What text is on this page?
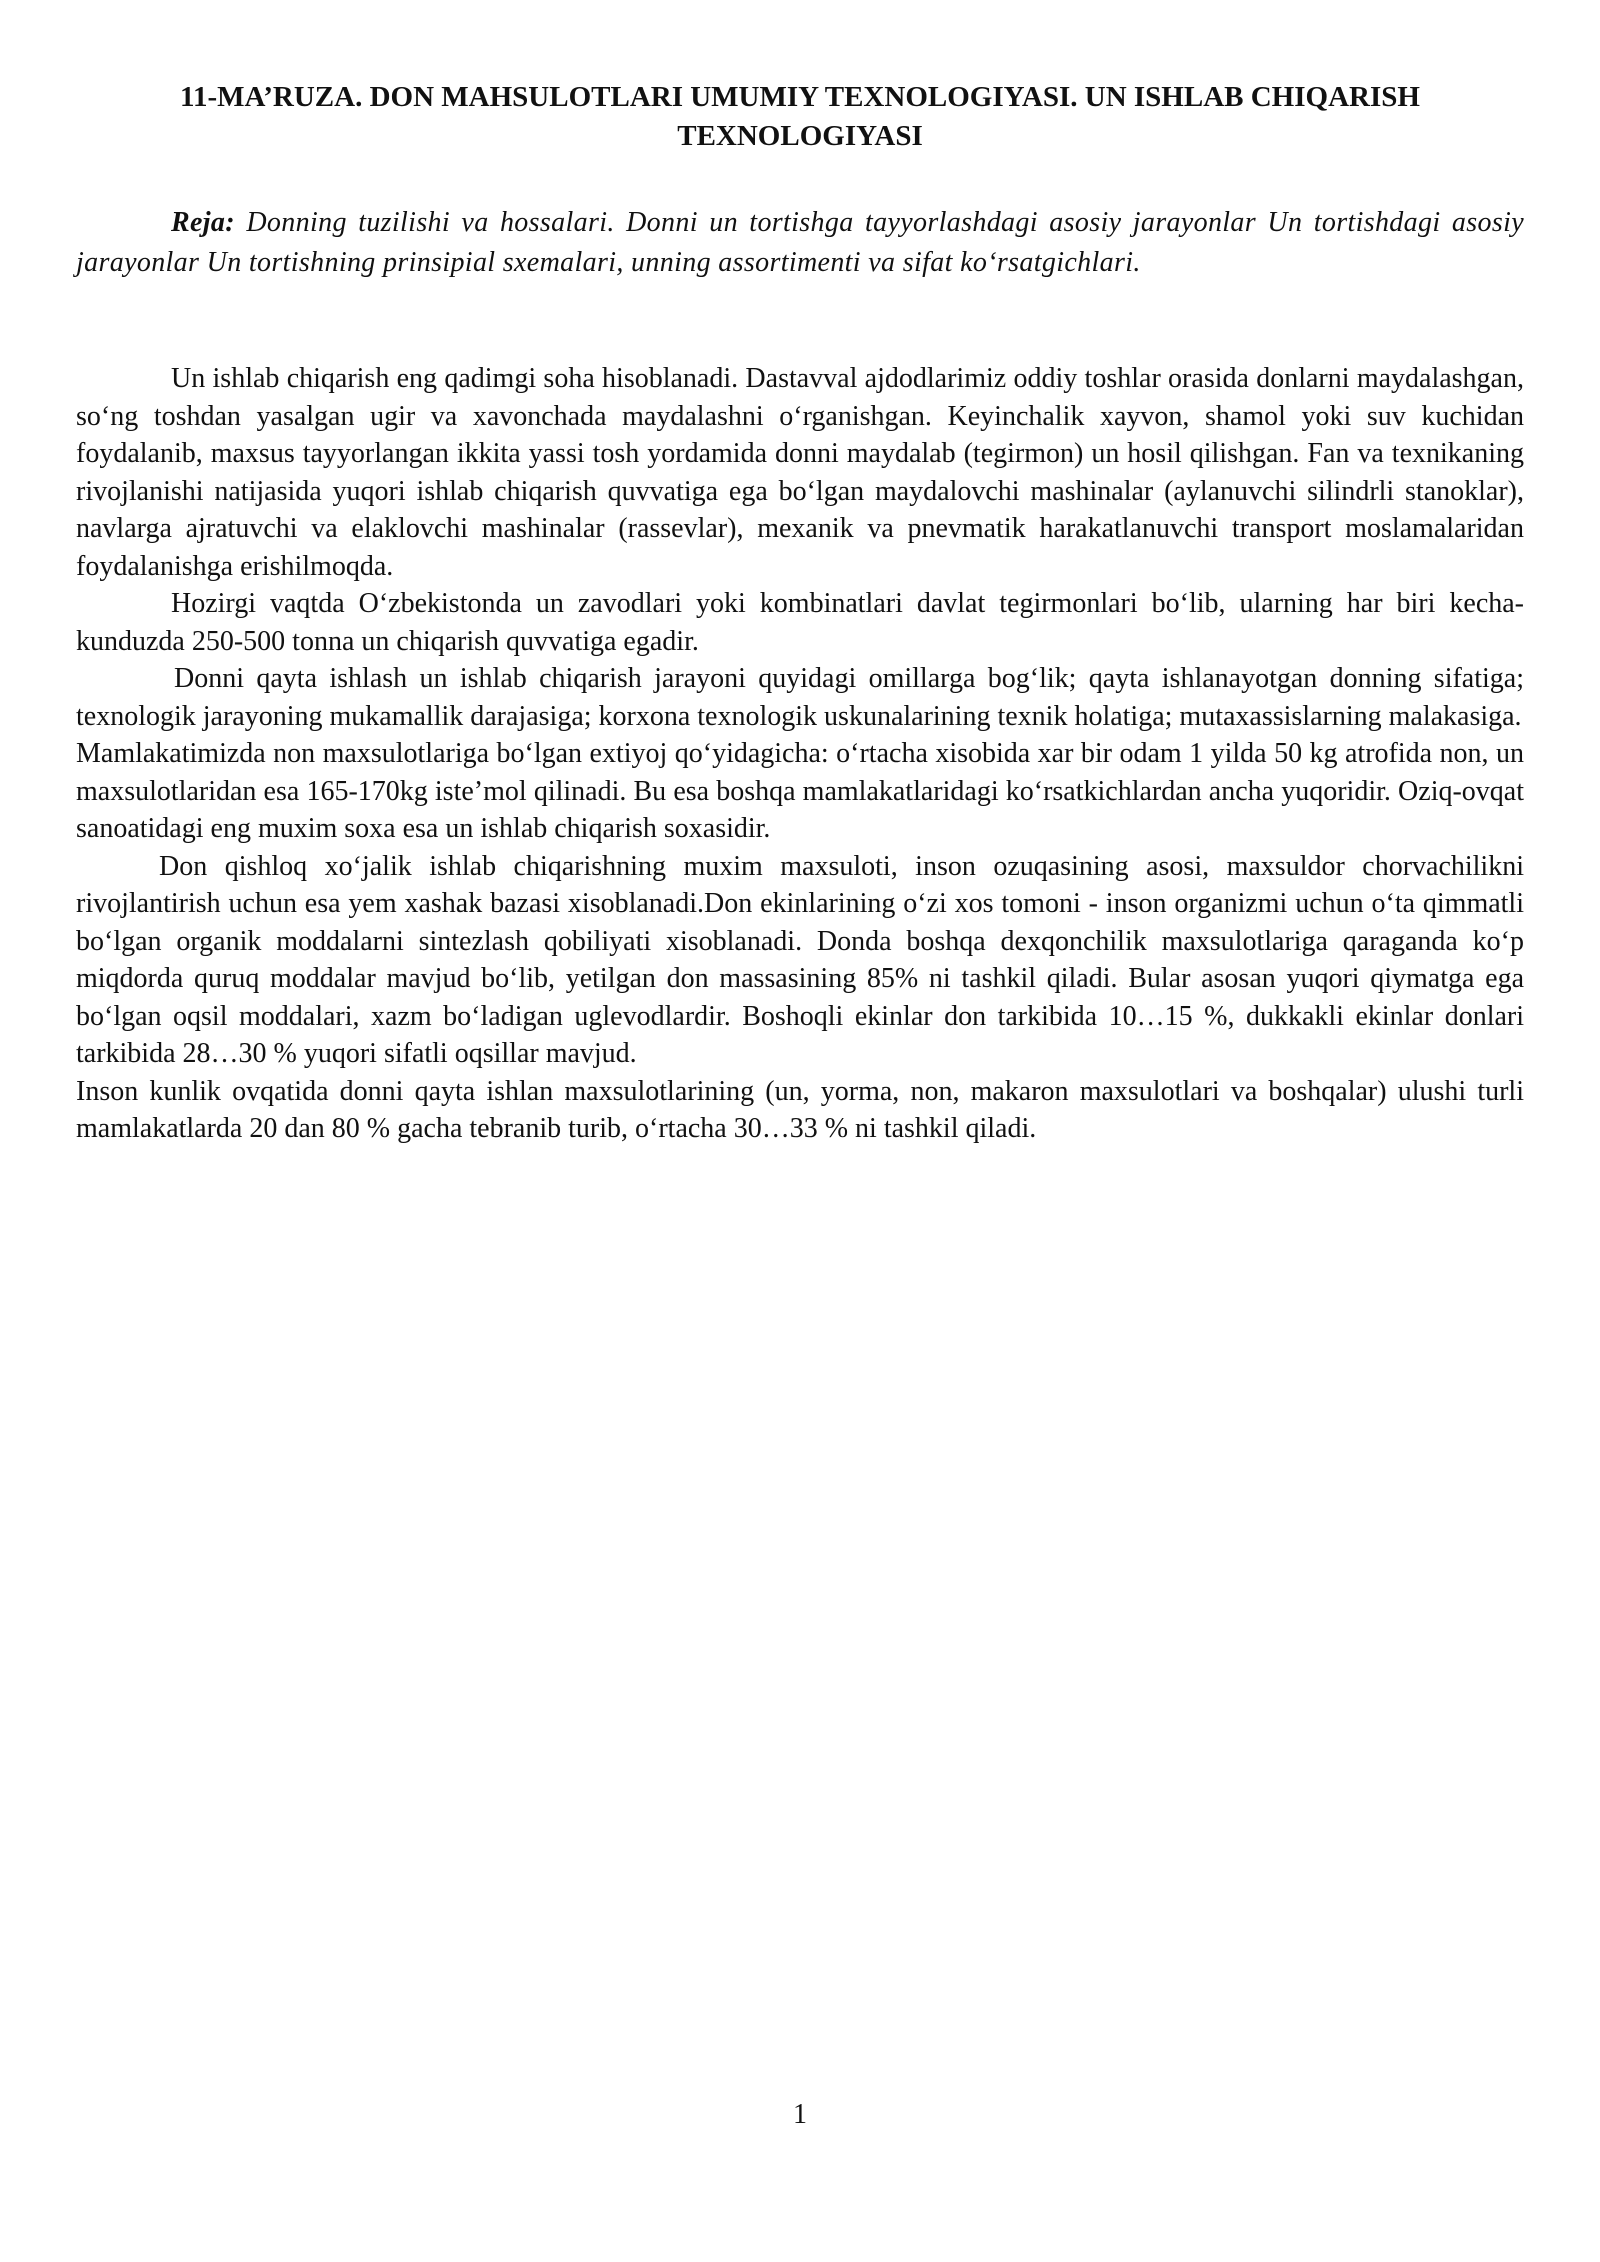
11-MA’RUZA. DON MAHSULOTLARI UMUMIY TEXNOLOGIYASI. UN ISHLAB CHIQARISH TEXNOLOGIYASI

Reja: Donning tuzilishi va hossalari. Donni un tortishga tayyorlashdagi asosiy jarayonlar Un tortishdagi asosiy jarayonlar Un tortishning prinsipial sxemalari, unning assortimenti va sifat ko‘rsatgichlari.

Un ishlab chiqarish eng qadimgi soha hisoblanadi. Dastavval ajdodlarimiz oddiy toshlar orasida donlarni maydalashgan, so‘ng toshdan yasalgan ugir va xavonchada maydalashni o‘rganishgan. Keyinchalik xayvon, shamol yoki suv kuchidan foydalanib, maxsus tayyorlangan ikkita yassi tosh yordamida donni maydalab (tegirmon) un hosil qilishgan. Fan va texnikaning rivojlanishi natijasida yuqori ishlab chiqarish quvvatiga ega bo‘lgan maydalovchi mashinalar (aylanuvchi silindrli stanoklar), navlarga ajratuvchi va elaklovchi mashinalar (rassevlar), mexanik va pnevmatik harakatlanuvchi transport moslamalaridan foydalanishga erishilmoqda.

Hozirgi vaqtda O‘zbekistonda un zavodlari yoki kombinatlari davlat tegirmonlari bo‘lib, ularning har biri kecha-kunduzda 250-500 tonna un chiqarish quvvatiga egadir.

Donni qayta ishlash un ishlab chiqarish jarayoni quyidagi omillarga bog‘lik; qayta ishlanayotgan donning sifatiga; texnologik jarayoning mukamallik darajasiga; korxona texnologik uskunalarining texnik holatiga; mutaxassislarning malakasiga.

Mamlakatimizda non maxsulotlariga bo‘lgan extiyoj qo‘yidagicha: o‘rtacha xisobida xar bir odam 1 yilda 50 kg atrofida non, un maxsulotlaridan esa 165-170kg iste’mol qilinadi. Bu esa boshqa mamlakatlaridagi ko‘rsatkichlardan ancha yuqoridir. Oziq-ovqat sanoatidagi eng muxim soxa esa un ishlab chiqarish soxasidir.

Don qishloq xo‘jalik ishlab chiqarishning muxim maxsuloti, inson ozuqasining asosi, maxsuldor chorvachilikni rivojlantirish uchun esa yem xashak bazasi xisoblanadi.Don ekinlarining o‘zi xos tomoni - inson organizmi uchun o‘ta qimmatli bo‘lgan organik moddalarni sintezlash qobiliyati xisoblanadi. Donda boshqa dexqonchilik maxsulotlariga qaraganda ko‘p miqdorda quruq moddalar mavjud bo‘lib, yetilgan don massasining 85% ni tashkil qiladi. Bular asosan yuqori qiymatga ega bo‘lgan oqsil moddalari, xazm bo‘ladigan uglevodlardir. Boshoqli ekinlar don tarkibida 10…15 %, dukkakli ekinlar donlari tarkibida 28…30 % yuqori sifatli oqsillar mavjud.

Inson kunlik ovqatida donni qayta ishlan maxsulotlarining (un, yorma, non, makaron maxsulotlari va boshqalar) ulushi turli mamlakatlarda 20 dan 80 % gacha tebranib turib, o‘rtacha 30…33 % ni tashkil qiladi.

1
